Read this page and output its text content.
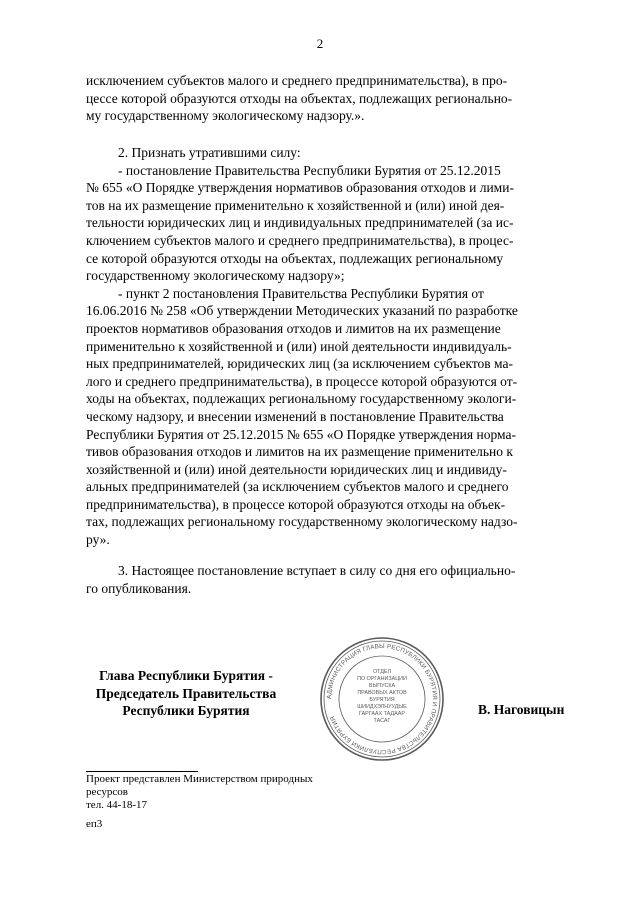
2

исключением субъектов малого и среднего предпринимательства), в про-

цессе которой образуются отходы на объектах, подлежащих регионально-

му государственному экологическому надзору.».

2. Признать утратившими силу:

- постановление Правительства Республики Бурятия от 25.12.2015

№ 655 «О Порядке утверждения нормативов образования отходов и лими-

тов на их размещение применительно к хозяйственной и (или) иной дея-

тельности юридических лиц и индивидуальных предпринимателей (за ис-

ключением субъектов малого и среднего предпринимательства), в процес-

се которой образуются отходы на объектах, подлежащих региональному

государственному экологическому надзору»;

- пункт 2 постановления Правительства Республики Бурятия от

16.06.2016 № 258 «Об утверждении Методических указаний по разработке

проектов нормативов образования отходов и лимитов на их размещение

применительно к хозяйственной и (или) иной деятельности индивидуаль-

ных предпринимателей, юридических лиц (за исключением субъектов ма-

лого и среднего предпринимательства), в процессе которой образуются от-

ходы на объектах, подлежащих региональному государственному экологи-

ческому надзору, и внесении изменений в постановление Правительства

Республики Бурятия от 25.12.2015 № 655 «О Порядке утверждения норма-

тивов образования отходов и лимитов на их размещение применительно к

хозяйственной и (или) иной деятельности юридических лиц и индивиду-

альных предпринимателей (за исключением субъектов малого и среднего

предпринимательства), в процессе которой образуются отходы на объек-

тах, подлежащих региональному государственному экологическому надзо-

ру».

3. Настоящее постановление вступает в силу со дня его официально-

го опубликования.

Глава Республики Бурятия -
Председатель Правительства
Республики Бурятия
АДМИНИСТРАЦИЯ ГЛАВЫ РЕСПУБЛИКИ БУРЯТИЯ И ПРАВИТЕЛЬСТВА РЕСПУБЛИКИ БУРЯТИЯ
ОТДЕЛ
ПО ОРГАНИЗАЦИИ
ВЫПУСКА
ПРАВОВЫХ АКТОВ
БУРЯТИЯ
ШИИДХЭЛНУУДЫЕ
ГАРГААХ ТАДААР
ТАСАГ
В. Наговицын
Проект представлен Министерством природных
ресурсов
тел. 44-18-17
еп3
